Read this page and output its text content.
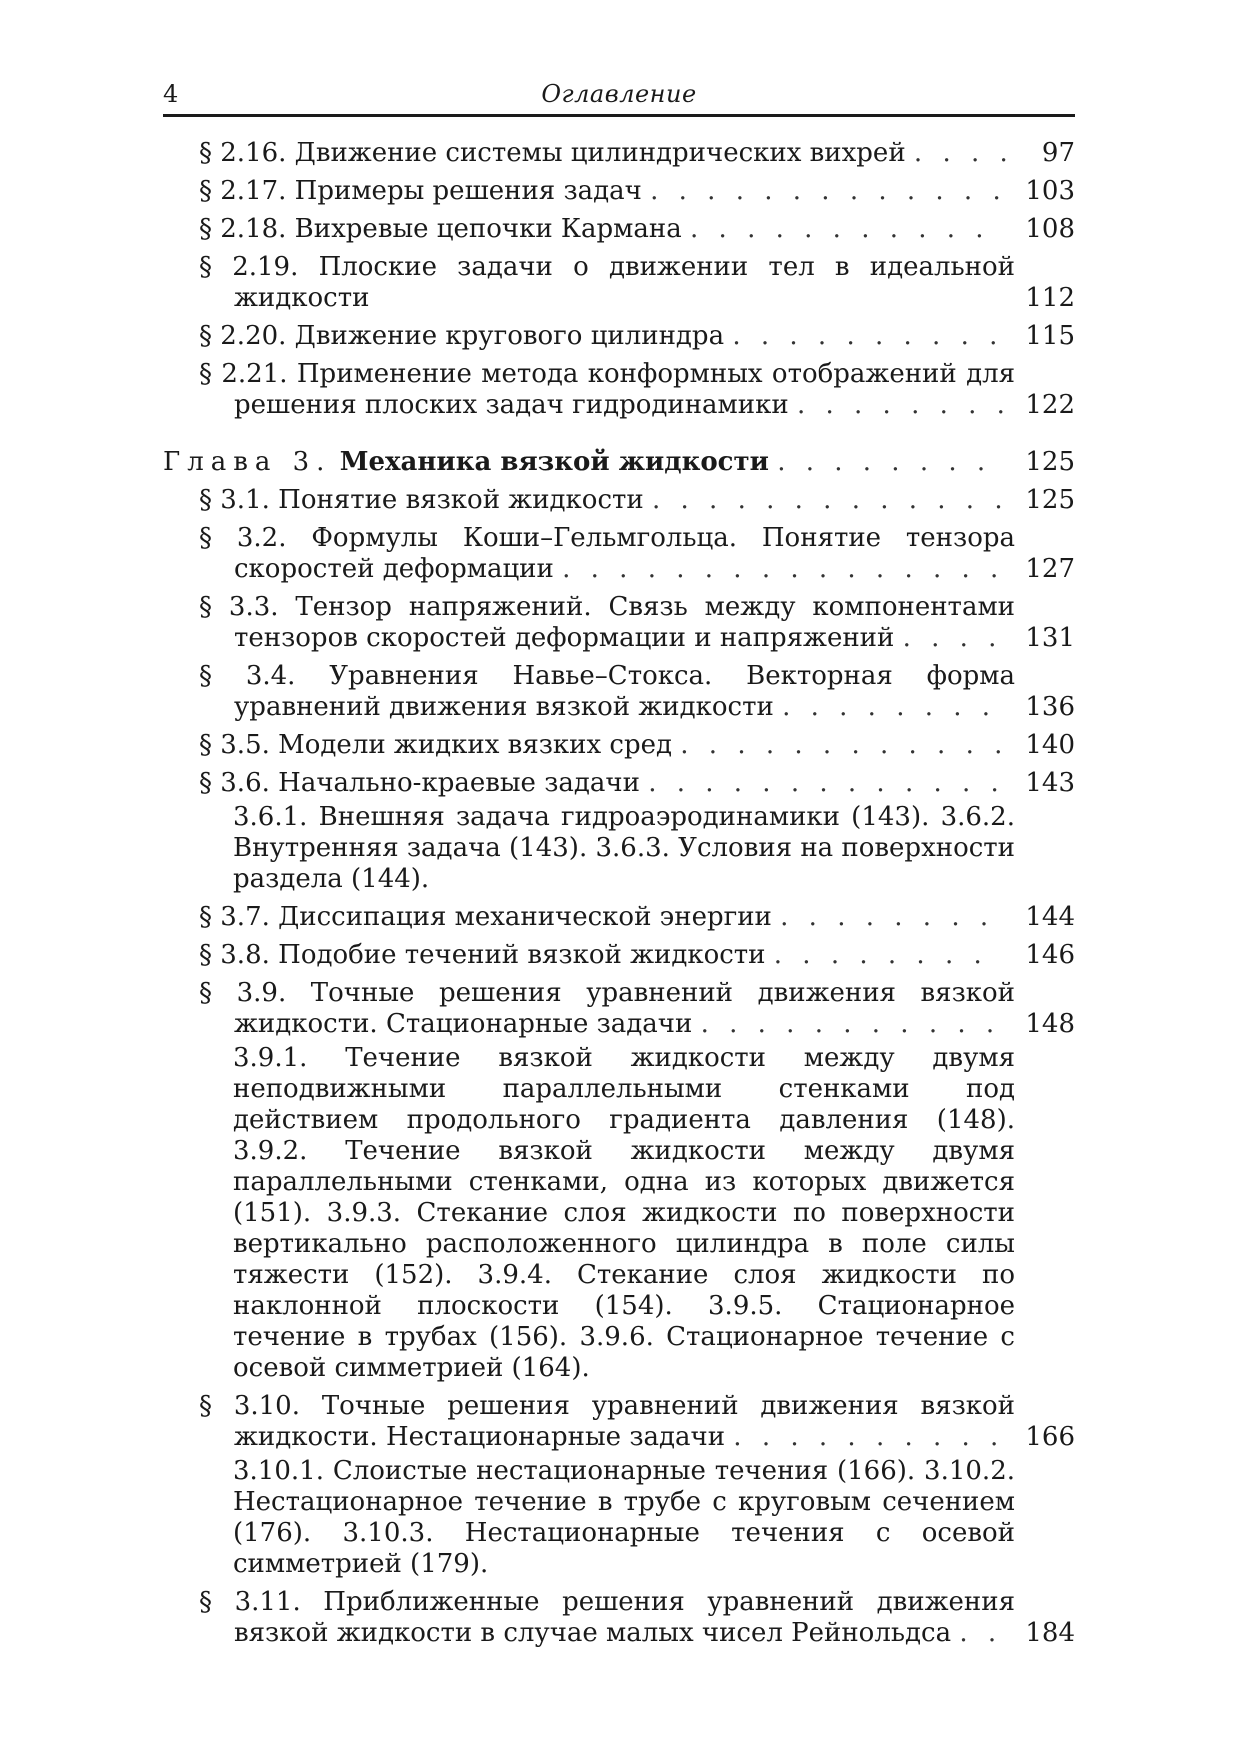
4	Оглавление
§ 2.16. Движение системы цилиндрических вихрей . . . .	97
§ 2.17. Примеры решения задач . . . . . . . . . . . . . 103
§ 2.18. Вихревые цепочки Кармана . . . . . . . . . . .	108
§ 2.19. Плоские задачи о движении тел в идеальной жидкости	112
§ 2.20. Движение кругового цилиндра . . . . . . . . . . 115
§ 2.21. Применение метода конформных отображений для решения плоских задач гидродинамики . . . . . . . . 122
Глава 3. Механика вязкой жидкости . . . . . . . .	125
§ 3.1. Понятие вязкой жидкости . . . . . . . . . . . . . 125
§ 3.2. Формулы Коши–Гельмгольца. Понятие тензора скоростей деформации . . . . . . . . . . . . . . . . 127
§ 3.3. Тензор напряжений. Связь между компонентами тензоров скоростей деформации и напряжений . . . . 131
§ 3.4. Уравнения Навье–Стокса. Векторная форма уравнений движения вязкой жидкости . . . . . . . .	136
§ 3.5. Модели жидких вязких сред . . . . . . . . . . . . 140
§ 3.6. Начально-краевые задачи . . . . . . . . . . . . . 143
3.6.1. Внешняя задача гидроаэродинамики (143). 3.6.2. Внутренняя задача (143). 3.6.3. Условия на поверхности раздела (144).
§ 3.7. Диссипация механической энергии . . . . . . . .	144
§ 3.8. Подобие течений вязкой жидкости . . . . . . . .	146
§ 3.9. Точные решения уравнений движения вязкой жидкости. Стационарные задачи . . . . . . . . . . . 148
3.9.1. Течение вязкой жидкости между двумя неподвижными параллельными стенками под действием продольного градиента давления (148). 3.9.2. Течение вязкой жидкости между двумя параллельными стенками, одна из которых движется (151). 3.9.3. Стекание слоя жидкости по поверхности вертикально расположенного цилиндра в поле силы тяжести (152). 3.9.4. Стекание слоя жидкости по наклонной плоскости (154). 3.9.5. Стационарное течение в трубах (156). 3.9.6. Стационарное течение с осевой симметрией (164).
§ 3.10. Точные решения уравнений движения вязкой жидкости. Нестационарные задачи . . . . . . . . . . 166
3.10.1. Слоистые нестационарные течения (166). 3.10.2. Нестационарное течение в трубе с круговым сечением (176). 3.10.3. Нестационарные течения с осевой симметрией (179).
§ 3.11. Приближенные решения уравнений движения вязкой жидкости в случае малых чисел Рейнольдса . . 184
